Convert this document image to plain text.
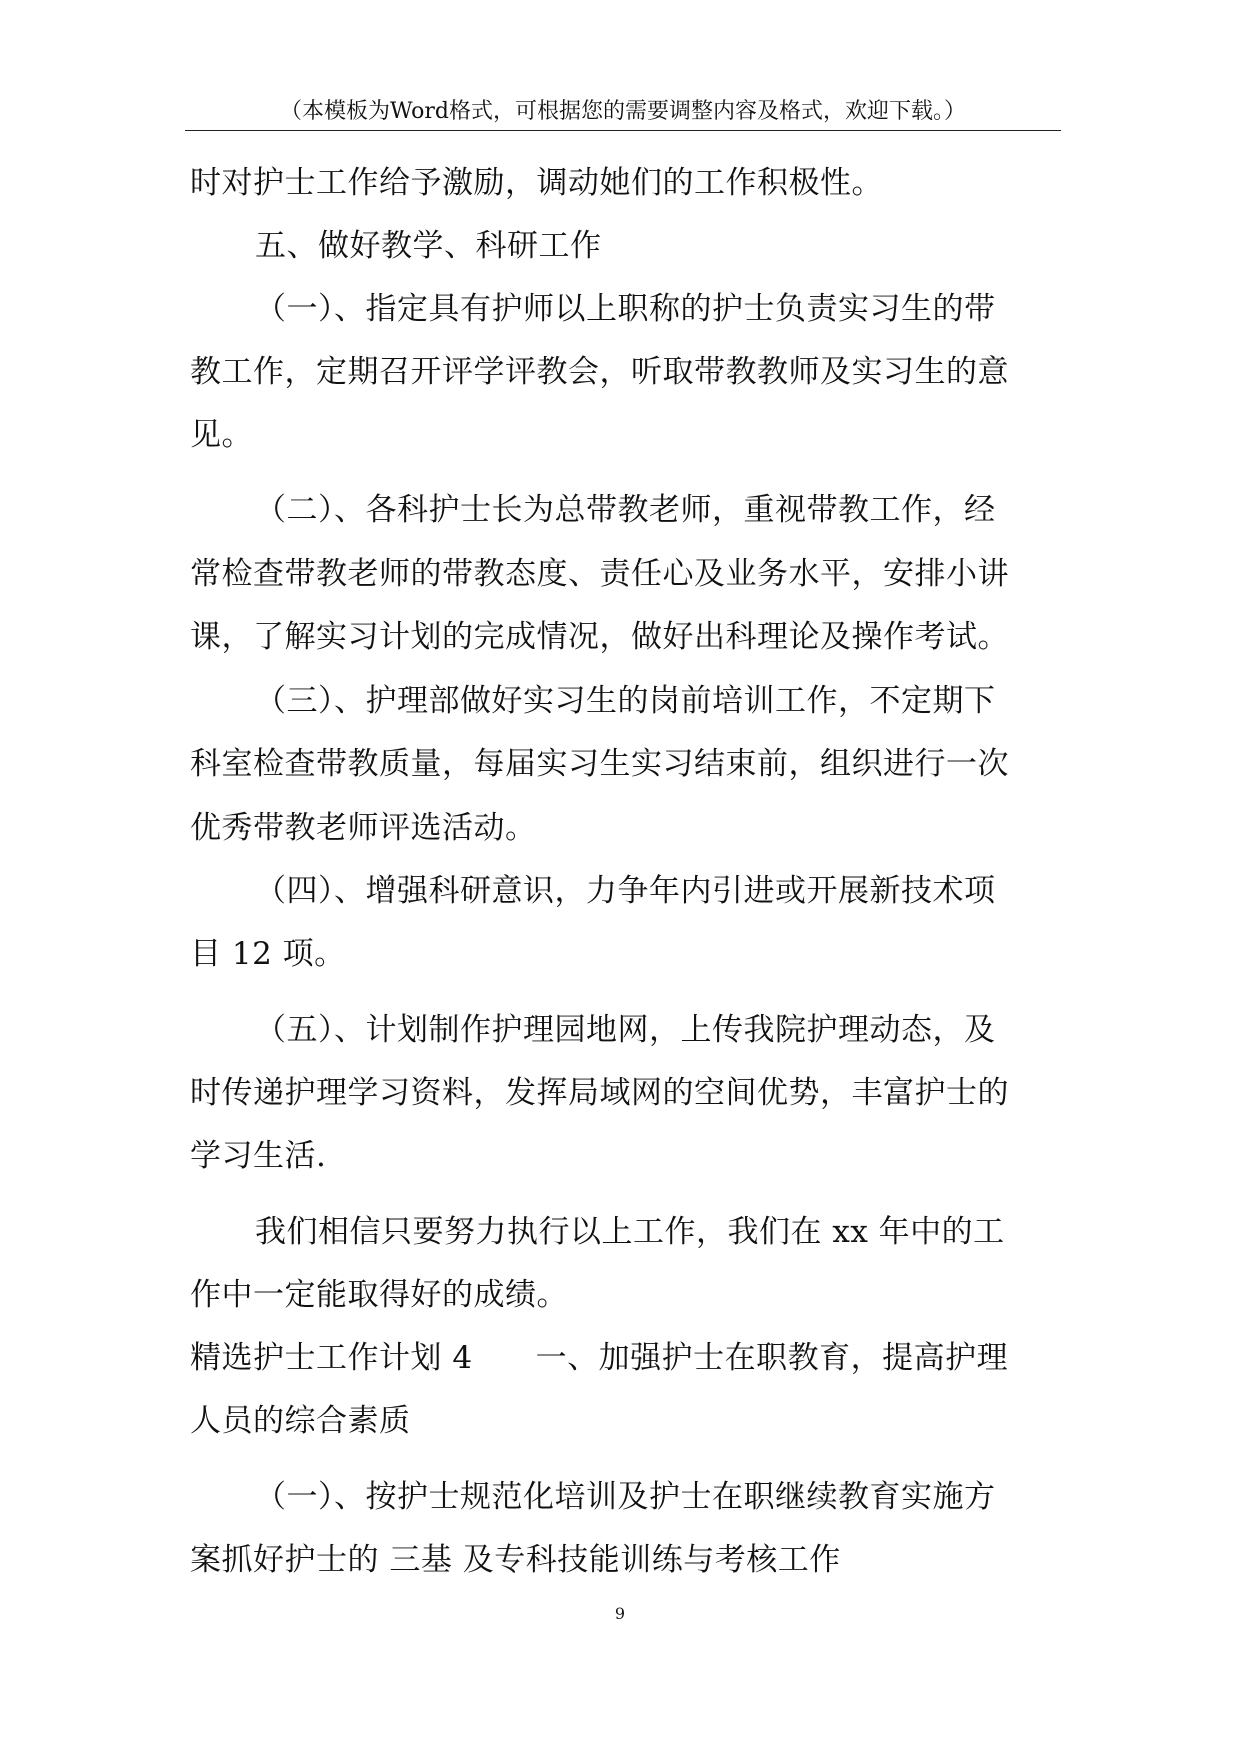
（本模板为Word格式，可根据您的需要调整内容及格式，欢迎下载。）
时对护士工作给予激励，调动她们的工作积极性。
五、做好教学、科研工作
（一）、指定具有护师以上职称的护士负责实习生的带
教工作，定期召开评学评教会，听取带教教师及实习生的意
见。
（二）、各科护士长为总带教老师，重视带教工作，经
常检查带教老师的带教态度、责任心及业务水平，安排小讲
课，了解实习计划的完成情况，做好出科理论及操作考试。
（三）、护理部做好实习生的岗前培训工作，不定期下
科室检查带教质量，每届实习生实习结束前，组织进行一次
优秀带教老师评选活动。
（四）、增强科研意识，力争年内引进或开展新技术项
目 12 项。
（五）、计划制作护理园地网，上传我院护理动态，及
时传递护理学习资料，发挥局域网的空间优势，丰富护士的
学习生活.
我们相信只要努力执行以上工作，我们在 xx 年中的工
作中一定能取得好的成绩。
精选护士工作计划 4　　一、加强护士在职教育，提高护理
人员的综合素质
（一）、按护士规范化培训及护士在职继续教育实施方
案抓好护士的 三基 及专科技能训练与考核工作
9
